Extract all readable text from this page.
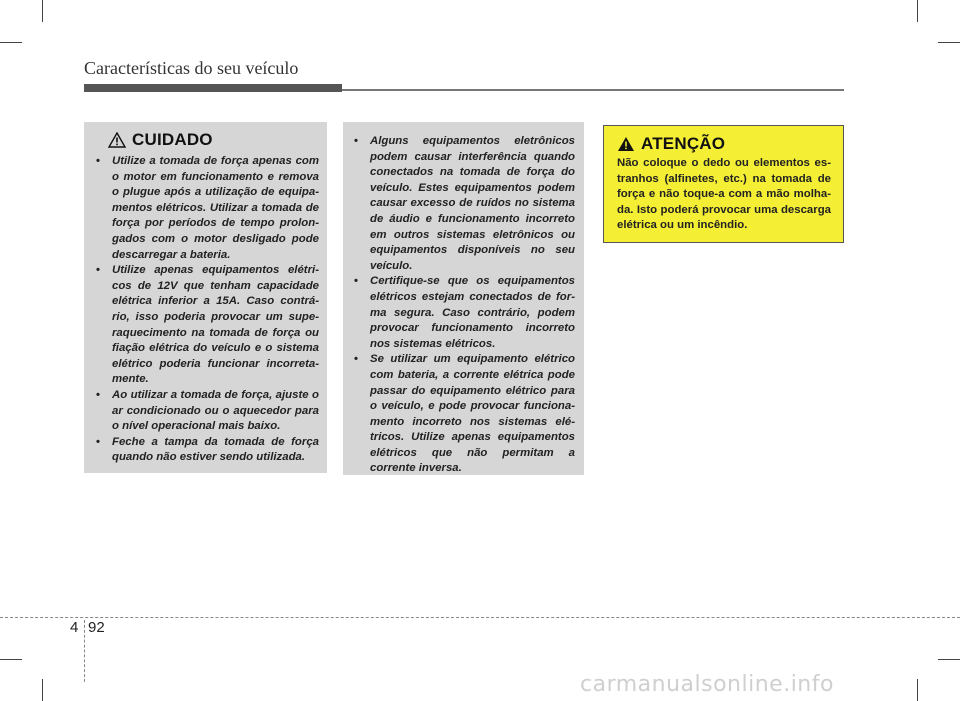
Características do seu veículo
CUIDADO
• Utilize a tomada de força apenas com o motor em funcionamento e remova o plugue após a utilização de equipa-mentos elétricos. Utilizar a tomada de força por períodos de tempo prolon-gados com o motor desligado pode descarregar a bateria.
• Utilize apenas equipamentos elétri-cos de 12V que tenham capacidade elétrica inferior a 15A. Caso contrá-rio, isso poderia provocar um supe-raquecimento na tomada de força ou fiação elétrica do veículo e o sistema elétrico poderia funcionar incorreta-mente.
• Ao utilizar a tomada de força, ajuste o ar condicionado ou o aquecedor para o nível operacional mais baixo.
• Feche a tampa da tomada de força quando não estiver sendo utilizada.
• Alguns equipamentos eletrônicos podem causar interferência quando conectados na tomada de força do veículo. Estes equipamentos podem causar excesso de ruídos no sistema de áudio e funcionamento incorreto em outros sistemas eletrônicos ou equipamentos disponíveis no seu veículo.
• Certifique-se que os equipamentos elétricos estejam conectados de for-ma segura. Caso contrário, podem provocar funcionamento incorreto nos sistemas elétricos.
• Se utilizar um equipamento elétrico com bateria, a corrente elétrica pode passar do equipamento elétrico para o veículo, e pode provocar funciona-mento incorreto nos sistemas elé-tricos. Utilize apenas equipamentos elétricos que não permitam a corrente inversa.
ATENÇÃO
Não coloque o dedo ou elementos es-tranhos (alfinetes, etc.) na tomada de força e não toque-a com a mão molha-da. Isto poderá provocar uma descarga elétrica ou um incêndio.
4 92
carmanualsonline.info
